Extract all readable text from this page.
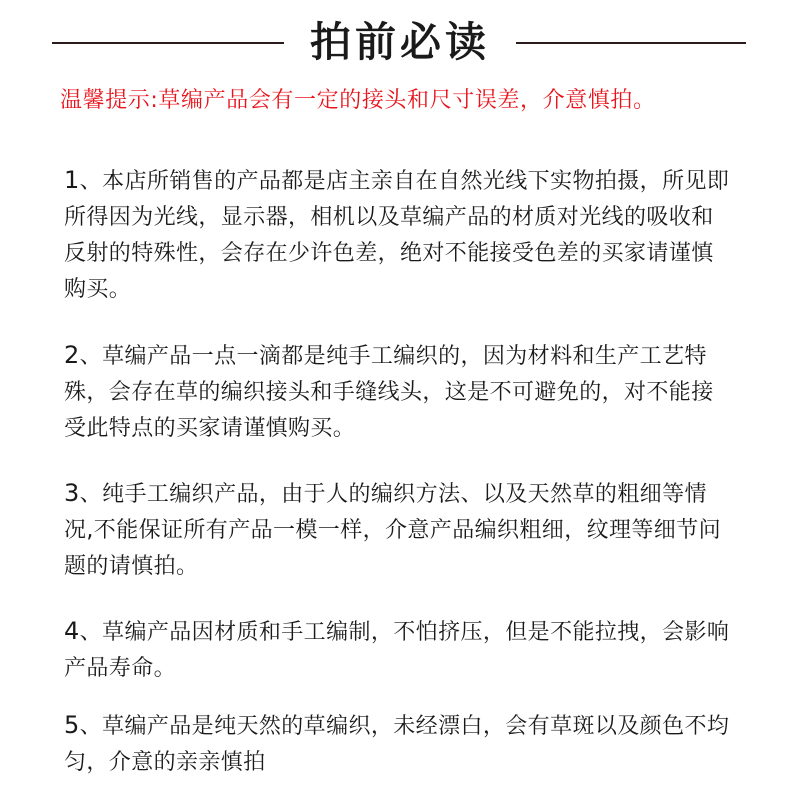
拍前必读
温馨提示:草编产品会有一定的接头和尺寸误差，介意慎拍。
1、本店所销售的产品都是店主亲自在自然光线下实物拍摄，所见即所得因为光线，显示器，相机以及草编产品的材质对光线的吸收和反射的特殊性，会存在少许色差，绝对不能接受色差的买家请谨慎购买。
2、草编产品一点一滴都是纯手工编织的，因为材料和生产工艺特殊，会存在草的编织接头和手缝线头，这是不可避免的，对不能接受此特点的买家请谨慎购买。
3、纯手工编织产品，由于人的编织方法、以及天然草的粗细等情况,不能保证所有产品一模一样，介意产品编织粗细，纹理等细节问题的请慎拍。
4、草编产品因材质和手工编制，不怕挤压，但是不能拉拽，会影响产品寿命。
5、草编产品是纯天然的草编织，未经漂白，会有草斑以及颜色不均匀，介意的亲亲慎拍
